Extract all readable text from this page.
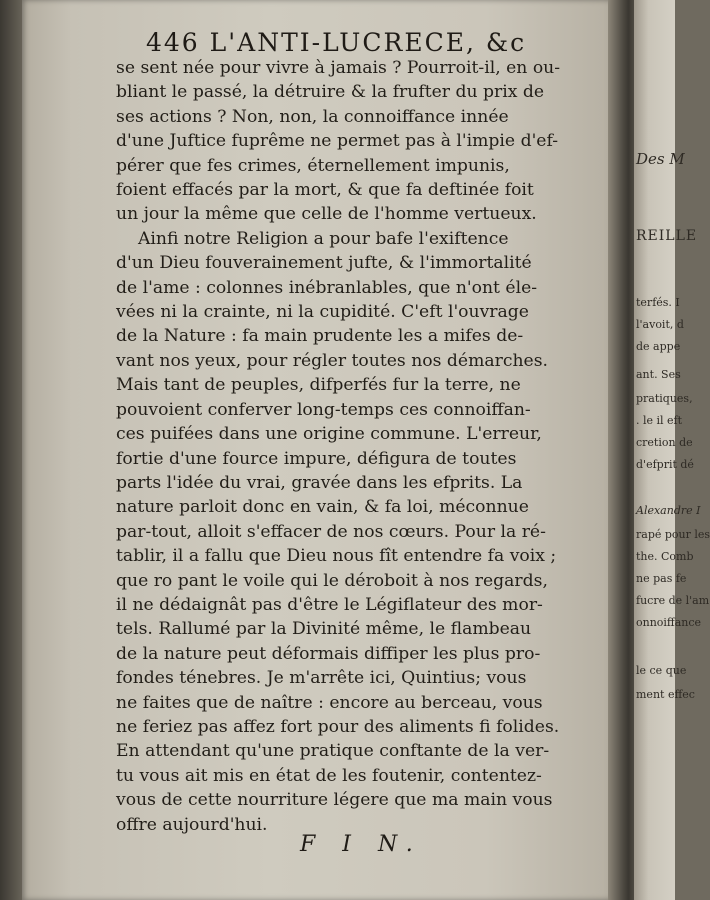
Des M
REILLE
terfés. I
l'avoit, d
de appe
ant. Ses
pratiques,
. le il eft
cretion de
d'efprit dé
Alexandre I
rapé pour les
the. Comb
ne pas fe
fucre de l'am
onnoiffance
le ce que
ment effec
446 L'ANTI-LUCRECE, &c
se sent née pour vivre à jamais ? Pourroit-il, en ou-
bliant le passé, la détruire & la frufter du prix de
ses actions ? Non, non, la connoiffance innée
d'une Juftice fuprême ne permet pas à l'impie d'ef-
pérer que fes crimes, éternellement impunis,
foient effacés par la mort, & que fa deftinée foit
un jour la même que celle de l'homme vertueux.
Ainfi notre Religion a pour bafe l'exiftence
d'un Dieu fouverainement jufte, & l'immortalité
de l'ame : colonnes inébranlables, que n'ont éle-
vées ni la crainte, ni la cupidité. C'eft l'ouvrage
de la Nature : fa main prudente les a mifes de-
vant nos yeux, pour régler toutes nos démarches.
Mais tant de peuples, difperfés fur la terre, ne
pouvoient conferver long-temps ces connoiffan-
ces puifées dans une origine commune. L'erreur,
fortie d'une fource impure, défigura de toutes
parts l'idée du vrai, gravée dans les efprits. La
nature parloit donc en vain, & fa loi, méconnue
par-tout, alloit s'effacer de nos cœurs. Pour la ré-
tablir, il a fallu que Dieu nous fît entendre fa voix ;
que ro pant le voile qui le déroboit à nos regards,
il ne dédaignât pas d'être le Légiflateur des mor-
tels. Rallumé par la Divinité même, le flambeau
de la nature peut déformais diffiper les plus pro-
fondes ténebres. Je m'arrête ici, Quintius; vous
ne faites que de naître : encore au berceau, vous
ne feriez pas affez fort pour des aliments fi folides.
En attendant qu'une pratique conftante de la ver-
tu vous ait mis en état de les foutenir, contentez-
vous de cette nourriture légere que ma main vous
offre aujourd'hui.
F I N.
